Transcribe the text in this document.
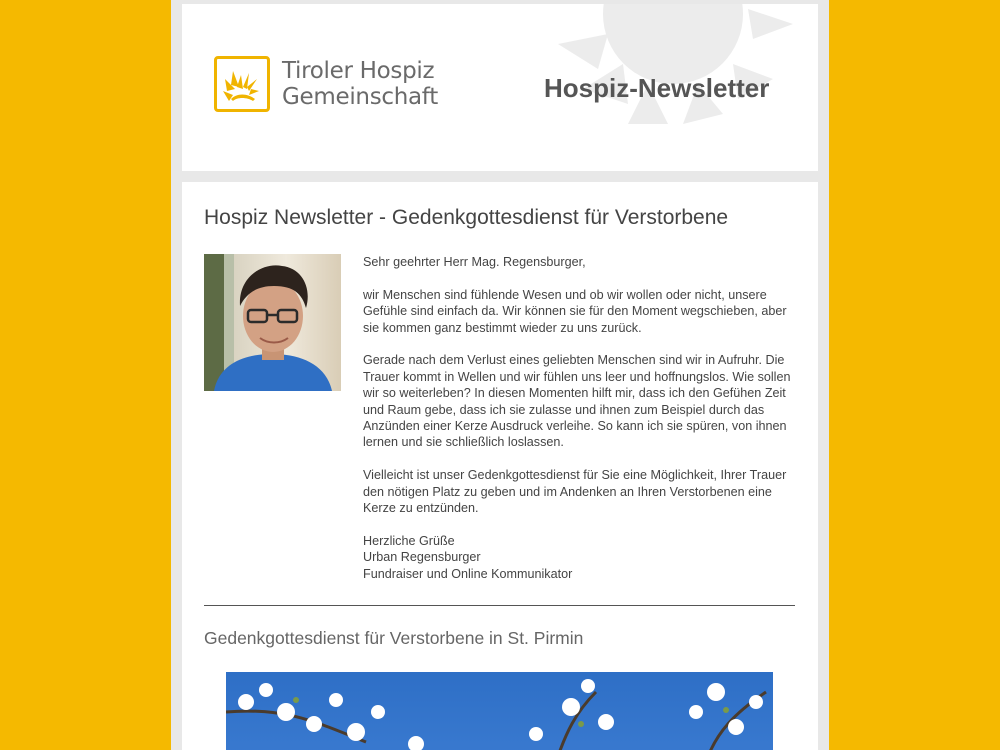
Tiroler Hospiz
Gemeinschaft	Hospiz-Newsletter
Hospiz Newsletter - Gedenkgottesdienst für Verstorbene

Sehr geehrter Herr Mag. Regensburger,

wir Menschen sind fühlende Wesen und ob wir wollen oder nicht, unsere Gefühle sind einfach da. Wir können sie für den Moment wegschieben, aber sie kommen ganz bestimmt wieder zu uns zurück.

Gerade nach dem Verlust eines geliebten Menschen sind wir in Aufruhr. Die Trauer kommt in Wellen und wir fühlen uns leer und hoffnungslos. Wie sollen wir so weiterleben? In diesen Momenten hilft mir, dass ich den Gefühen Zeit und Raum gebe, dass ich sie zulasse und ihnen zum Beispiel durch das Anzünden einer Kerze Ausdruck verleihe. So kann ich sie spüren, von ihnen lernen und sie schließlich loslassen.

Vielleicht ist unser Gedenkgottesdienst für Sie eine Möglichkeit, Ihrer Trauer den nötigen Platz zu geben und im Andenken an Ihren Verstorbenen eine Kerze zu entzünden.

Herzliche Grüße
Urban Regensburger
Fundraiser und Online Kommunikator
Gedenkgottesdienst für Verstorbene in St. Pirmin
